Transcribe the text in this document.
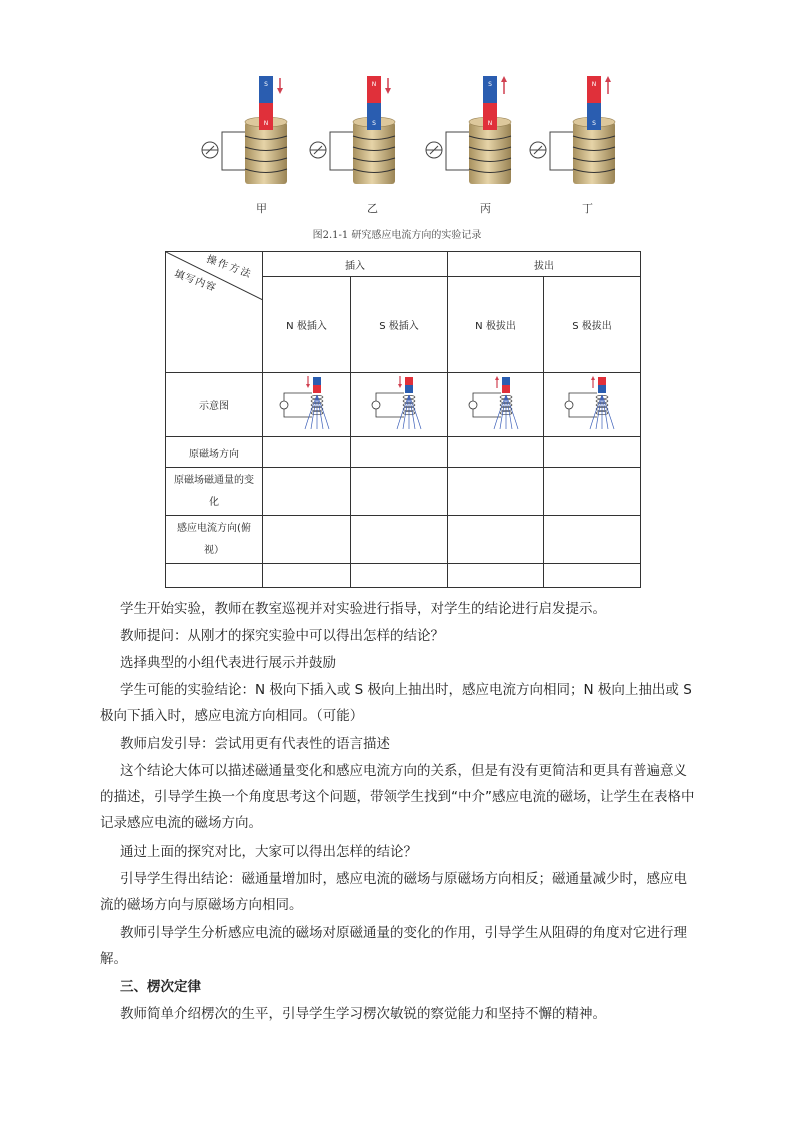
S
N
N
S
S
N
N
S
甲	乙	丙	丁
图2.1-1 研究感应电流方向的实验记录
操作方法
填写内容	插入		拔出	
	N 极插入	S 极插入	N 极拔出	S 极拔出
示意图				
原磁场方向				
原磁场磁通量的变化				
感应电流方向(俯视）				

学生开始实验，教师在教室巡视并对实验进行指导，对学生的结论进行启发提示。
教师提问：从刚才的探究实验中可以得出怎样的结论？
选择典型的小组代表进行展示并鼓励
学生可能的实验结论：N 极向下插入或 S 极向上抽出时，感应电流方向相同；N 极向上抽出或 S 极向下插入时，感应电流方向相同。（可能）
教师启发引导：尝试用更有代表性的语言描述
这个结论大体可以描述磁通量变化和感应电流方向的关系，但是有没有更简洁和更具有普遍意义的描述，引导学生换一个角度思考这个问题，带领学生找到“中介”感应电流的磁场，让学生在表格中记录感应电流的磁场方向。
通过上面的探究对比，大家可以得出怎样的结论？
引导学生得出结论：磁通量增加时，感应电流的磁场与原磁场方向相反；磁通量减少时，感应电流的磁场方向与原磁场方向相同。
教师引导学生分析感应电流的磁场对原磁通量的变化的作用，引导学生从阻碍的角度对它进行理解。
三、楞次定律
教师简单介绍楞次的生平，引导学生学习楞次敏锐的察觉能力和坚持不懈的精神。
